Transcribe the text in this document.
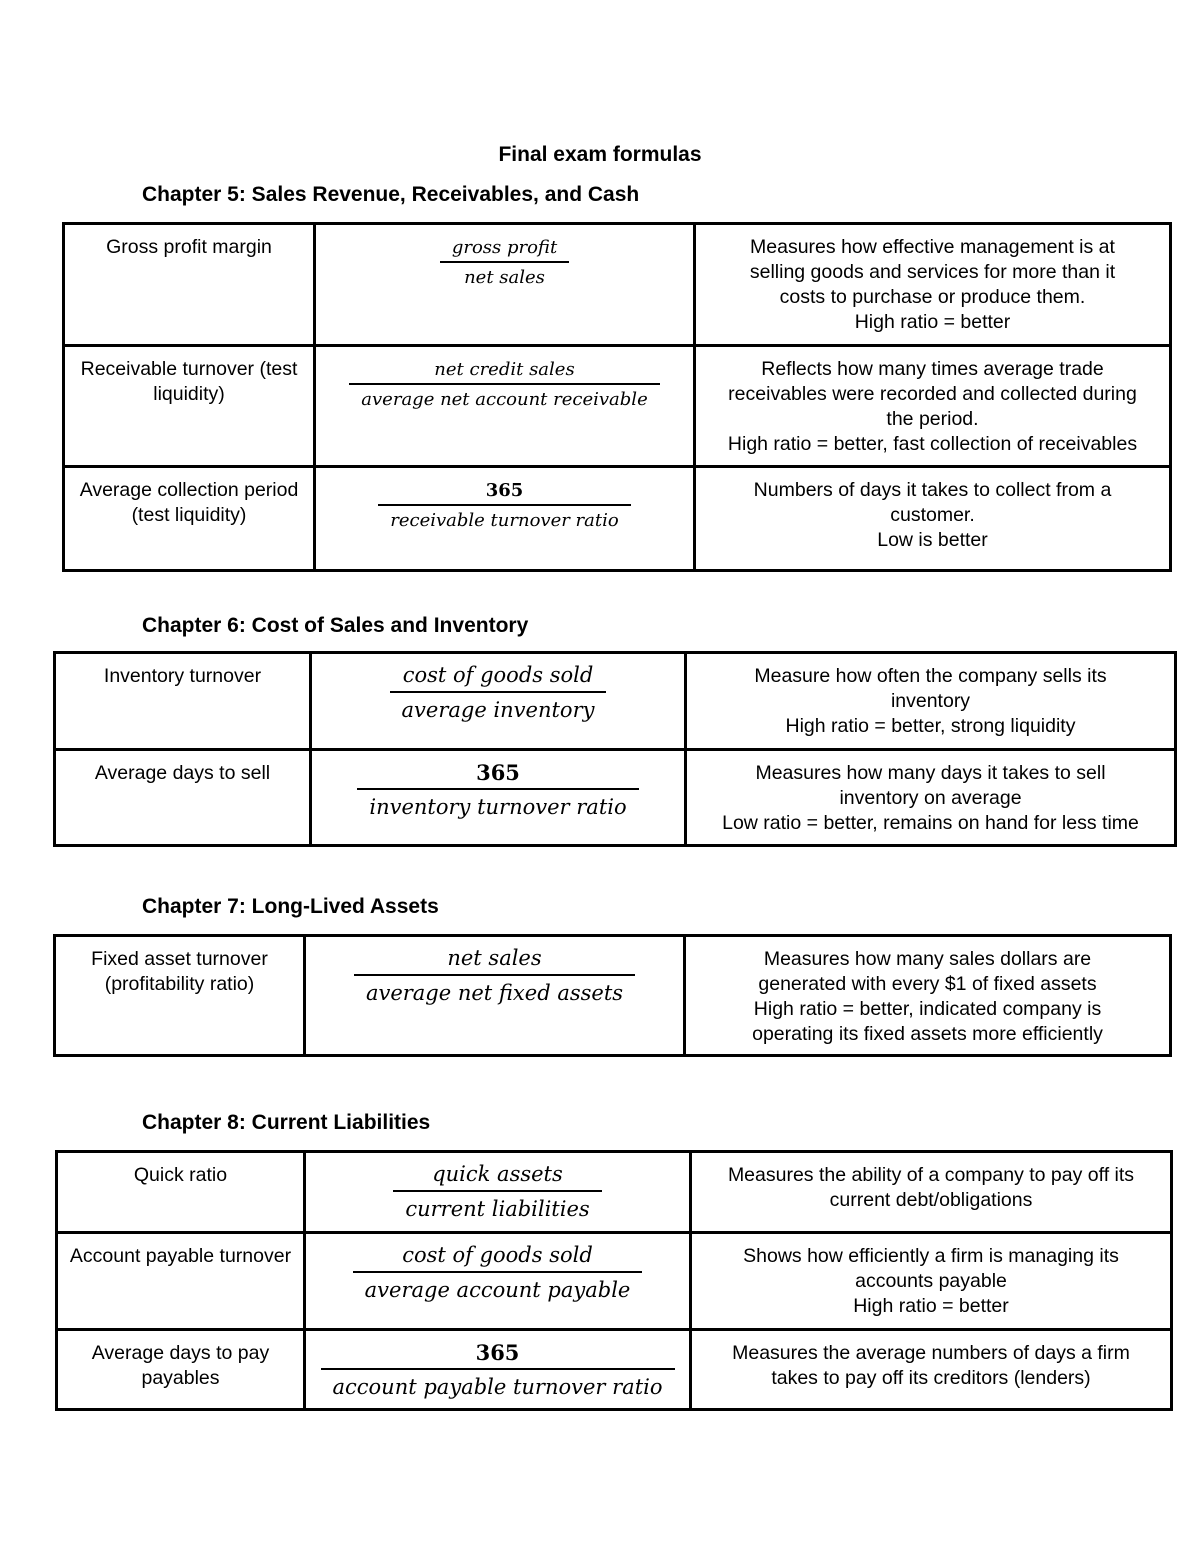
Final exam formulas
Chapter 5: Sales Revenue, Receivables, and Cash
Gross profit margin	$\frac{\text{gross profit}}{\text{net sales}}$	Measures how effective management is at
selling goods and services for more than it
costs to purchase or produce them.
High ratio = better

Receivable turnover (test liquidity)	$\frac{\text{net credit sales}}{\text{average net account receivable}}$	Reflects how many times average trade
receivables were recorded and collected during
the period.
High ratio = better, fast collection of receivables

Average collection period (test liquidity)	$\frac{365}{\text{receivable turnover ratio}}$	Numbers of days it takes to collect from a
customer.
Low is better
Chapter 6: Cost of Sales and Inventory
Inventory turnover	$\frac{\text{cost of goods sold}}{\text{average inventory}}$	Measure how often the company sells its
inventory
High ratio = better, strong liquidity

Average days to sell	$\frac{365}{\text{inventory turnover ratio}}$	Measures how many days it takes to sell
inventory on average
Low ratio = better, remains on hand for less time
Chapter 7: Long-Lived Assets
Fixed asset turnover (profitability ratio)	$\frac{\text{net sales}}{\text{average net fixed assets}}$	Measures how many sales dollars are
generated with every $1 of fixed assets
High ratio = better, indicated company is
operating its fixed assets more efficiently
Chapter 8: Current Liabilities
Quick ratio	$\frac{\text{quick assets}}{\text{current liabilities}}$	Measures the ability of a company to pay off its
current debt/obligations

Account payable turnover	$\frac{\text{cost of goods sold}}{\text{average account payable}}$	Shows how efficiently a firm is managing its
accounts payable
High ratio = better

Average days to pay payables	$\frac{365}{\text{account payable turnover ratio}}$	Measures the average numbers of days a firm
takes to pay off its creditors (lenders)
